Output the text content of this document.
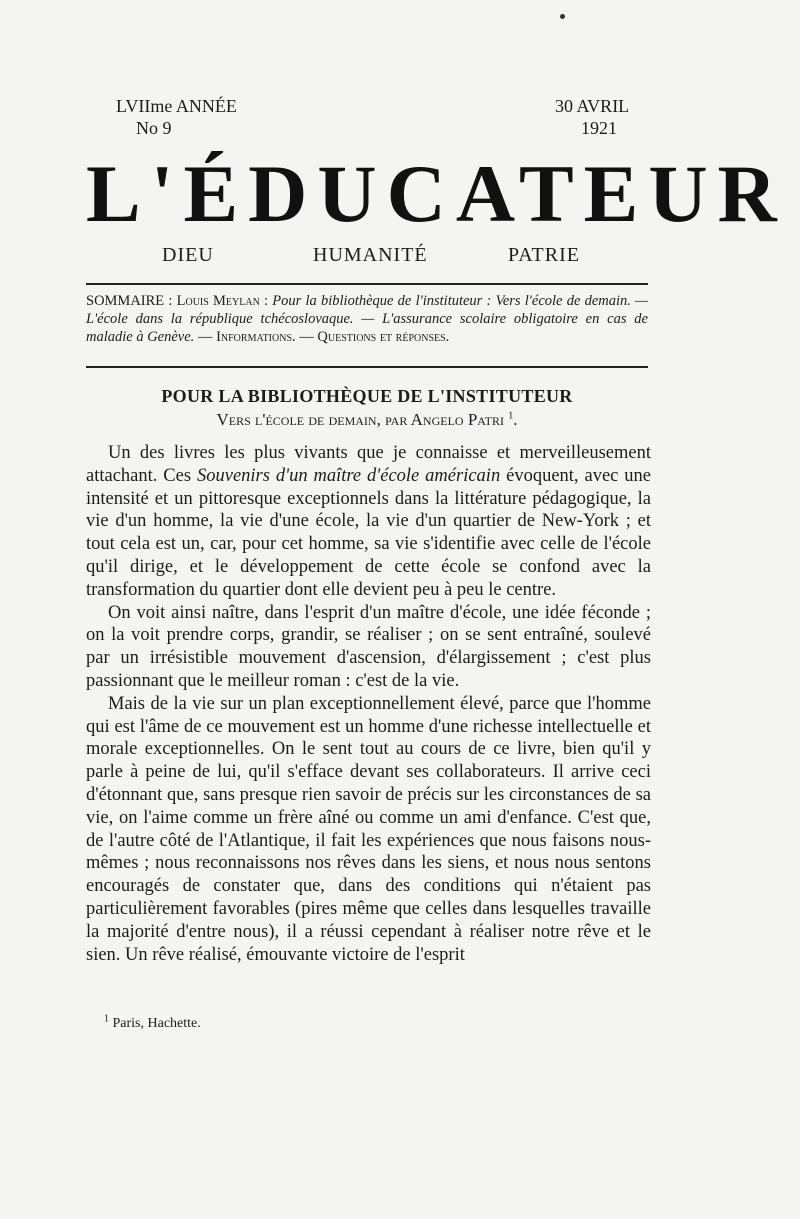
LVIIme ANNÉE
No 9
30 AVRIL
1921
L'ÉDUCATEUR
DIEU	HUMANITÉ	PATRIE
SOMMAIRE : Louis Meylan : Pour la bibliothèque de l'instituteur : Vers l'école de demain. — L'école dans la république tchécoslovaque. — L'assurance scolaire obligatoire en cas de maladie à Genève. — Informations. — Questions et réponses.
POUR LA BIBLIOTHÈQUE DE L'INSTITUTEUR
Vers l'école de demain, par Angelo Patri $^1$.

Un des livres les plus vivants que je connaisse et merveilleusement attachant. Ces Souvenirs d'un maître d'école américain évoquent, avec une intensité et un pittoresque exceptionnels dans la littérature pédagogique, la vie d'un homme, la vie d'une école, la vie d'un quartier de New-York ; et tout cela est un, car, pour cet homme, sa vie s'identifie avec celle de l'école qu'il dirige, et le développement de cette école se confond avec la transformation du quartier dont elle devient peu à peu le centre.

On voit ainsi naître, dans l'esprit d'un maître d'école, une idée féconde ; on la voit prendre corps, grandir, se réaliser ; on se sent entraîné, soulevé par un irrésistible mouvement d'ascension, d'élargissement ; c'est plus passionnant que le meilleur roman : c'est de la vie.

Mais de la vie sur un plan exceptionnellement élevé, parce que l'homme qui est l'âme de ce mouvement est un homme d'une richesse intellectuelle et morale exceptionnelles. On le sent tout au cours de ce livre, bien qu'il y parle à peine de lui, qu'il s'efface devant ses collaborateurs. Il arrive ceci d'étonnant que, sans presque rien savoir de précis sur les circonstances de sa vie, on l'aime comme un frère aîné ou comme un ami d'enfance. C'est que, de l'autre côté de l'Atlantique, il fait les expériences que nous faisons nous-mêmes ; nous reconnaissons nos rêves dans les siens, et nous nous sentons encouragés de constater que, dans des conditions qui n'étaient pas particulièrement favorables (pires même que celles dans lesquelles travaille la majorité d'entre nous), il a réussi cependant à réaliser notre rêve et le sien. Un rêve réalisé, émouvante victoire de l'esprit

$^1$ Paris, Hachette.
